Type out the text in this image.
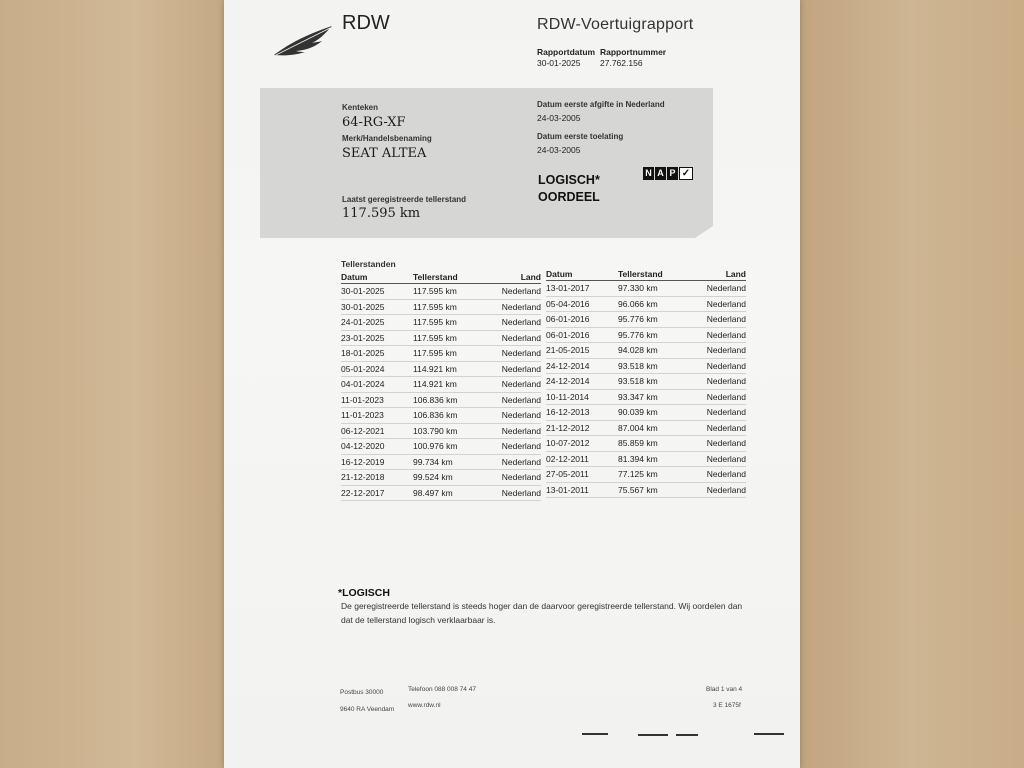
RDW	RDW-Voertuigrapport
Rapportdatum Rapportnummer
30-01-2025 27.762.156
Kenteken
64-RG-XF
Merk/Handelsbenaming
SEAT ALTEA
Laatst geregistreerde tellerstand
117.595 km
Datum eerste afgifte in Nederland
24-03-2005
Datum eerste toelating
24-03-2005
LOGISCH*
OORDEEL
N A P ✓
Tellerstanden
Datum	Tellerstand	Land
30-01-2025	117.595 km	Nederland
30-01-2025	117.595 km	Nederland
24-01-2025	117.595 km	Nederland
23-01-2025	117.595 km	Nederland
18-01-2025	117.595 km	Nederland
05-01-2024	114.921 km	Nederland
04-01-2024	114.921 km	Nederland
11-01-2023	106.836 km	Nederland
11-01-2023	106.836 km	Nederland
06-12-2021	103.790 km	Nederland
04-12-2020	100.976 km	Nederland
16-12-2019	99.734 km	Nederland
21-12-2018	99.524 km	Nederland
22-12-2017	98.497 km	Nederland
Datum	Tellerstand	Land
13-01-2017	97.330 km	Nederland
05-04-2016	96.066 km	Nederland
06-01-2016	95.776 km	Nederland
06-01-2016	95.776 km	Nederland
21-05-2015	94.028 km	Nederland
24-12-2014	93.518 km	Nederland
24-12-2014	93.518 km	Nederland
10-11-2014	93.347 km	Nederland
16-12-2013	90.039 km	Nederland
21-12-2012	87.004 km	Nederland
10-07-2012	85.859 km	Nederland
02-12-2011	81.394 km	Nederland
27-05-2011	77.125 km	Nederland
13-01-2011	75.567 km	Nederland
*LOGISCH
De geregistreerde tellerstand is steeds hoger dan de daarvoor geregistreerde tellerstand. Wij oordelen dan dat de tellerstand logisch verklaarbaar is.
Postbus 30000
9640 RA Veendam
Telefoon 088 008 74 47
www.rdw.nl
Blad 1 van 4
3 E 1675f
